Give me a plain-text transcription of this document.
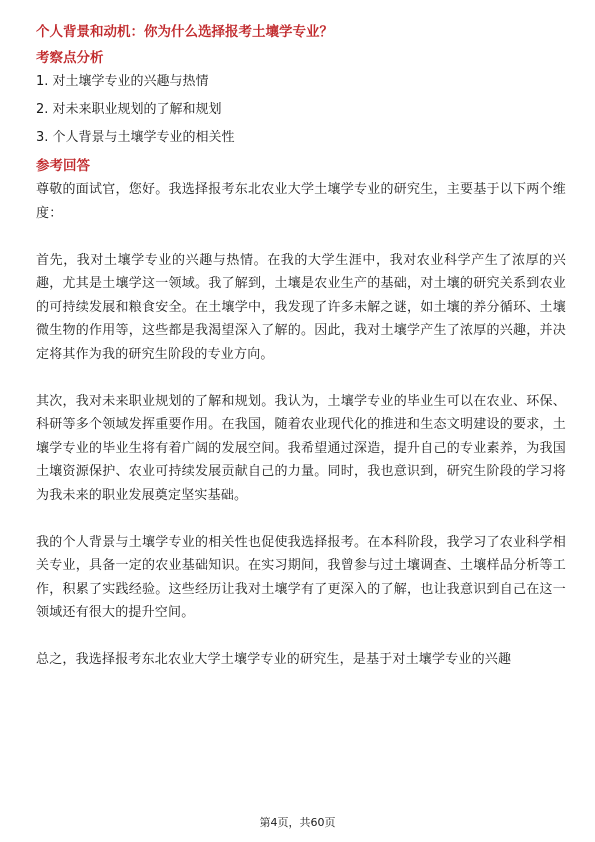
个人背景和动机：你为什么选择报考土壤学专业？
考察点分析
1. 对土壤学专业的兴趣与热情
2. 对未来职业规划的了解和规划
3. 个人背景与土壤学专业的相关性
参考回答

尊敬的面试官，您好。我选择报考东北农业大学土壤学专业的研究生，主要基于以下两个维度：

首先，我对土壤学专业的兴趣与热情。在我的大学生涯中，我对农业科学产生了浓厚的兴趣，尤其是土壤学这一领域。我了解到，土壤是农业生产的基础，对土壤的研究关系到农业的可持续发展和粮食安全。在土壤学中，我发现了许多未解之谜，如土壤的养分循环、土壤微生物的作用等，这些都是我渴望深入了解的。因此，我对土壤学产生了浓厚的兴趣，并决定将其作为我的研究生阶段的专业方向。

其次，我对未来职业规划的了解和规划。我认为，土壤学专业的毕业生可以在农业、环保、科研等多个领域发挥重要作用。在我国，随着农业现代化的推进和生态文明建设的要求，土壤学专业的毕业生将有着广阔的发展空间。我希望通过深造，提升自己的专业素养，为我国土壤资源保护、农业可持续发展贡献自己的力量。同时，我也意识到，研究生阶段的学习将为我未来的职业发展奠定坚实基础。

我的个人背景与土壤学专业的相关性也促使我选择报考。在本科阶段，我学习了农业科学相关专业，具备一定的农业基础知识。在实习期间，我曾参与过土壤调查、土壤样品分析等工作，积累了实践经验。这些经历让我对土壤学有了更深入的了解，也让我意识到自己在这一领域还有很大的提升空间。

总之，我选择报考东北农业大学土壤学专业的研究生，是基于对土壤学专业的兴趣

第4页，共60页
